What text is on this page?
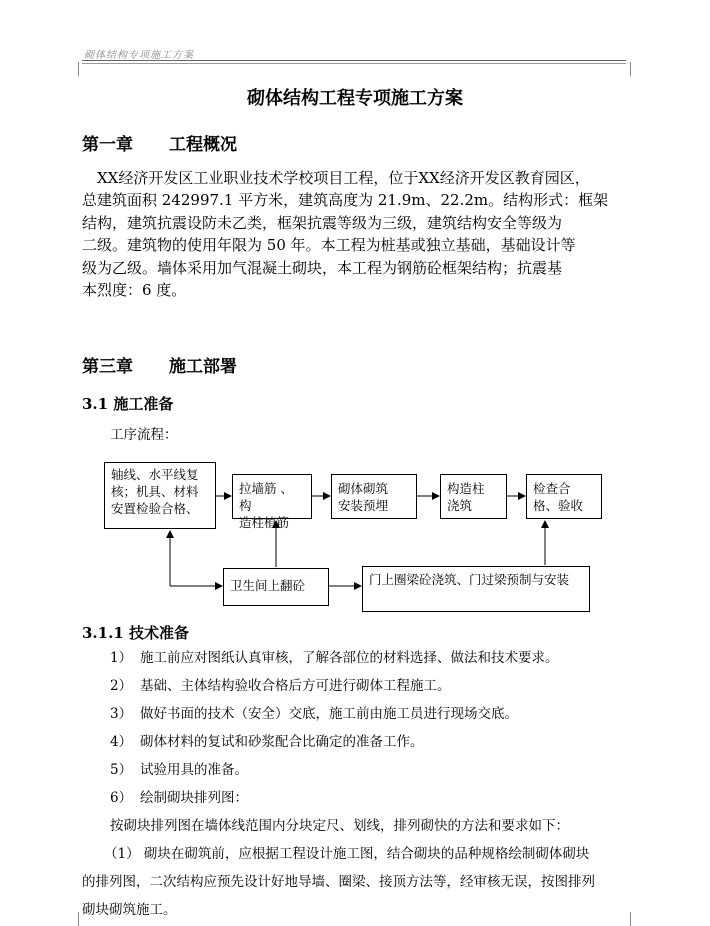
砌体结构专项施工方案
砌体结构工程专项施工方案
第一章 工程概况
XX经济开发区工业职业技术学校项目工程，位于XX经济开发区教育园区，
总建筑面积 242997.1 平方米，建筑高度为 21.9m、22.2m。结构形式：框架
结构，建筑抗震设防未乙类，框架抗震等级为三级，建筑结构安全等级为
二级。建筑物的使用年限为 50 年。本工程为桩基或独立基础，基础设计等
级为乙级。墙体采用加气混凝土砌块，本工程为钢筋砼框架结构；抗震基
本烈度：6 度。
第三章 施工部署
3.1 施工准备
工序流程：
轴线、水平线复
核；机具、材料
安置检验合格、
拉墙筋 、构
造柱植筋
砌体砌筑
安装预埋
构造柱
浇筑
检查合
格、验收
卫生间上翻砼	门上圈梁砼浇筑、门过梁预制与安装
3.1.1 技术准备
1） 施工前应对图纸认真审核，了解各部位的材料选择、做法和技术要求。
2） 基础、主体结构验收合格后方可进行砌体工程施工。
3） 做好书面的技术（安全）交底，施工前由施工员进行现场交底。
4） 砌体材料的复试和砂浆配合比确定的准备工作。
5） 试验用具的准备。
6） 绘制砌块排列图：
按砌块排列图在墙体线范围内分块定尺、划线，排列砌快的方法和要求如下：
（1） 砌块在砌筑前，应根据工程设计施工图，结合砌块的品种规格绘制砌体砌块
的排列图，二次结构应预先设计好地导墙、圈梁、接顶方法等，经审核无误，按图排列
砌块砌筑施工。
